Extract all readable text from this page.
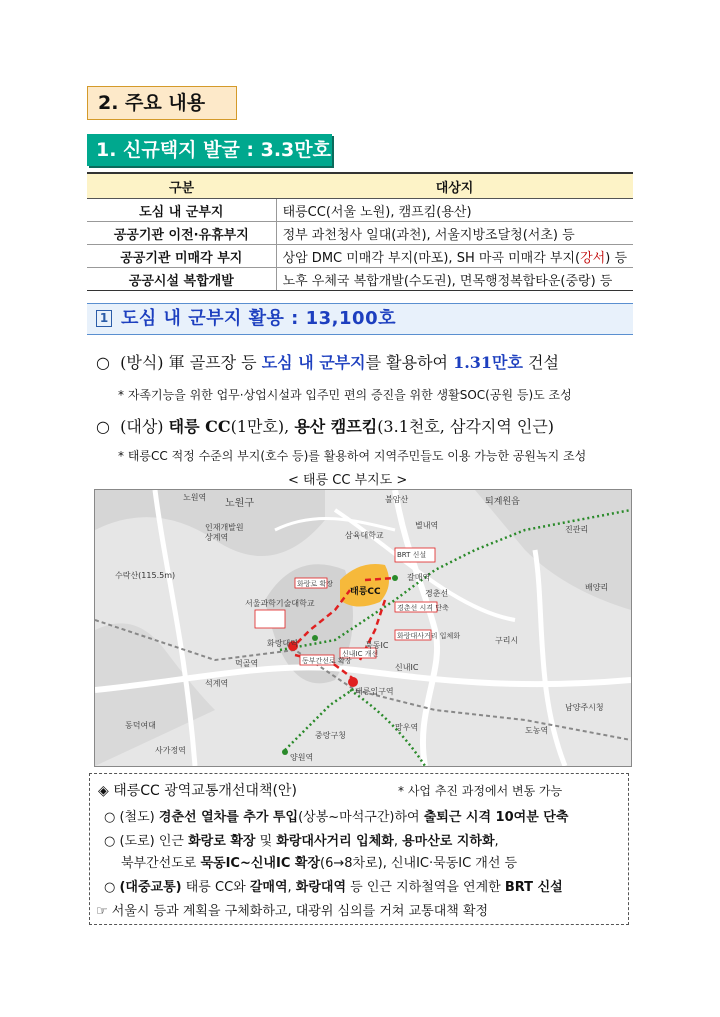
2. 주요 내용
1. 신규택지 발굴 : 3.3만호
구분	대상지
도심 내 군부지	태릉CC(서울 노원), 캠프킴(용산)
공공기관 이전·유휴부지	정부 과천청사 일대(과천), 서울지방조달청(서초) 등
공공기관 미매각 부지	상암 DMC 미매각 부지(마포), SH 마곡 미매각 부지(강서) 등
공공시설 복합개발	노후 우체국 복합개발(수도권), 면목행정복합타운(중랑) 등
1 도심 내 군부지 활용 : 13,100호
○ (방식) 軍 골프장 등 도심 내 군부지를 활용하여 1.31만호 건설
* 자족기능을 위한 업무·상업시설과 입주민 편의 증진을 위한 생활SOC(공원 등)도 조성
○ (대상) 태릉 CC(1만호), 용산 캠프킴(3.1천호, 삼각지역 인근)
* 태릉CC 적정 수준의 부지(호수 등)를 활용하여 지역주민들도 이용 가능한 공원녹지 조성
< 태릉 CC 부지도 >
태릉CC
노원구
노원역
인재개발원
상계역
불암산
수락산(115.5m)
서울과학기술대학교
삼육대학교
갈매역
퇴계원읍
진관리
배양리
화랑대역
태릉입구역
신내IC
구리시
중랑구청
먹골역
석계역
동덕여대	망우역
양원역
남양주시청
도농역
별내역
사가정역
묵동IC
경춘선
BRT 신설
화랑로 확장
동부간선로 확장
신내IC 개선
경춘선 시격 단축
화랑대사거리 입체화
◈ 태릉CC 광역교통개선대책(안)	* 사업 추진 과정에서 변동 가능
○ (철도) 경춘선 열차를 추가 투입(상봉~마석구간)하여 출퇴근 시격 10여분 단축
○ (도로) 인근 화랑로 확장 및 화랑대사거리 입체화, 용마산로 지하화,
북부간선도로 묵동IC~신내IC 확장(6→8차로), 신내IC·묵동IC 개선 등
○ (대중교통) 태릉 CC와 갈매역, 화랑대역 등 인근 지하철역을 연계한 BRT 신설
☞ 서울시 등과 계획을 구체화하고, 대광위 심의를 거쳐 교통대책 확정
